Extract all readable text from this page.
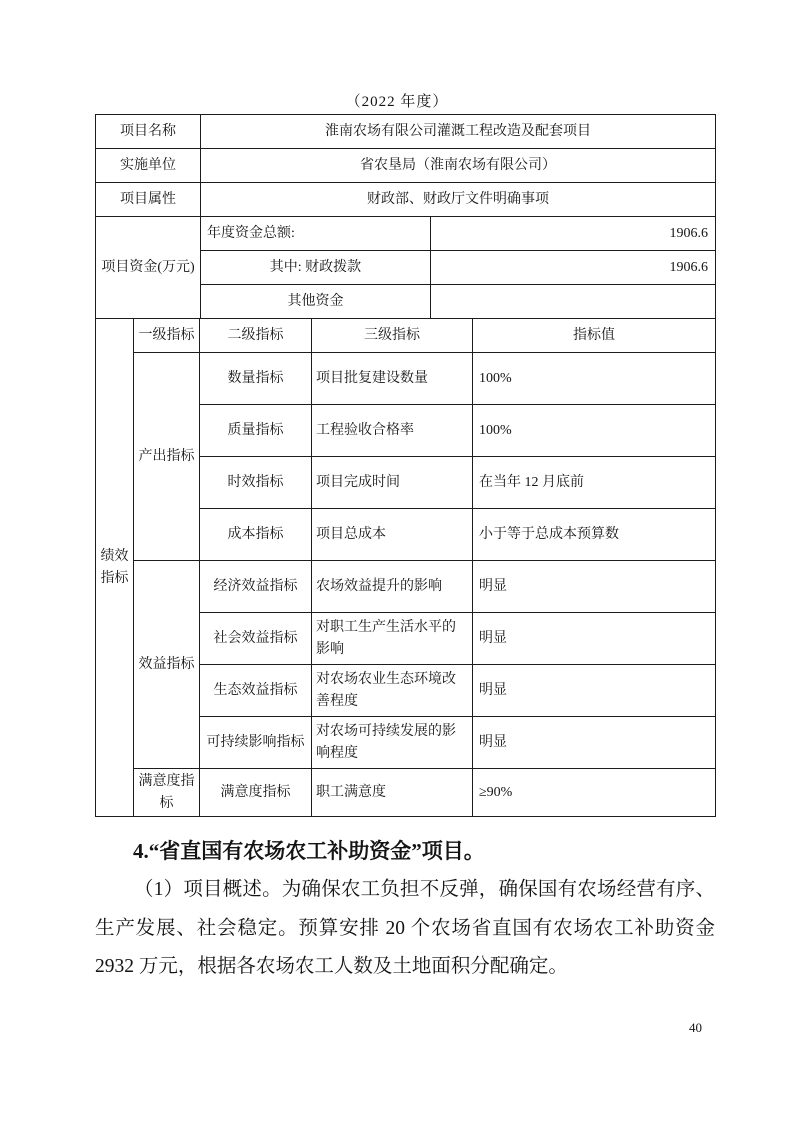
（2022 年度）
项目名称	淮南农场有限公司灌溉工程改造及配套项目	
实施单位	省农垦局（淮南农场有限公司）	
项目属性	财政部、财政厅文件明确事项	
项目资金(万元)	年度资金总额:	1906.6
	其中: 财政拨款	1906.6
	其他资金	
绩效指标	一级指标	二级指标	三级指标	指标值
	产出指标	数量指标	项目批复建设数量	100%
		质量指标	工程验收合格率	100%
		时效指标	项目完成时间	在当年 12 月底前
		成本指标	项目总成本	小于等于总成本预算数
	效益指标	经济效益指标	农场效益提升的影响	明显
		社会效益指标	对职工生产生活水平的影响	明显
		生态效益指标	对农场农业生态环境改善程度	明显
		可持续影响指标	对农场可持续发展的影响程度	明显
	满意度指标	满意度指标	职工满意度	≥90%
4.“省直国有农场农工补助资金”项目。
（1）项目概述。为确保农工负担不反弹，确保国有农场经营有序、生产发展、社会稳定。预算安排 20 个农场省直国有农场农工补助资金 2932 万元，根据各农场农工人数及土地面积分配确定。
40
